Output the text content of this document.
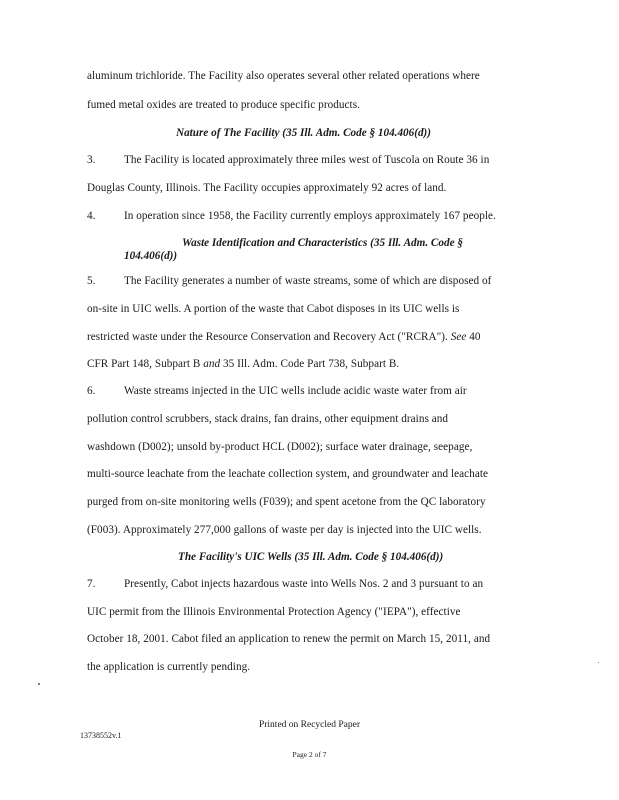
aluminum trichloride. The Facility also operates several other related operations where
fumed metal oxides are treated to produce specific products.
Nature of The Facility (35 Ill. Adm. Code § 104.406(d))
3.	The Facility is located approximately three miles west of Tuscola on Route 36 in
Douglas County, Illinois. The Facility occupies approximately 92 acres of land.
4.	In operation since 1958, the Facility currently employs approximately 167 people.
Waste Identification and Characteristics (35 Ill. Adm. Code §
104.406(d))
5.	The Facility generates a number of waste streams, some of which are disposed of
on-site in UIC wells. A portion of the waste that Cabot disposes in its UIC wells is
restricted waste under the Resource Conservation and Recovery Act ("RCRA"). See 40
CFR Part 148, Subpart B and 35 Ill. Adm. Code Part 738, Subpart B.
6.	Waste streams injected in the UIC wells include acidic waste water from air
pollution control scrubbers, stack drains, fan drains, other equipment drains and
washdown (D002); unsold by-product HCL (D002); surface water drainage, seepage,
multi-source leachate from the leachate collection system, and groundwater and leachate
purged from on-site monitoring wells (F039); and spent acetone from the QC laboratory
(F003). Approximately 277,000 gallons of waste per day is injected into the UIC wells.
The Facility's UIC Wells (35 Ill. Adm. Code § 104.406(d))
7.	Presently, Cabot injects hazardous waste into Wells Nos. 2 and 3 pursuant to an
UIC permit from the Illinois Environmental Protection Agency ("IEPA"), effective
October 18, 2001. Cabot filed an application to renew the permit on March 15, 2011, and
the application is currently pending.
Printed on Recycled Paper
13738552v.1
Page 2 of 7
